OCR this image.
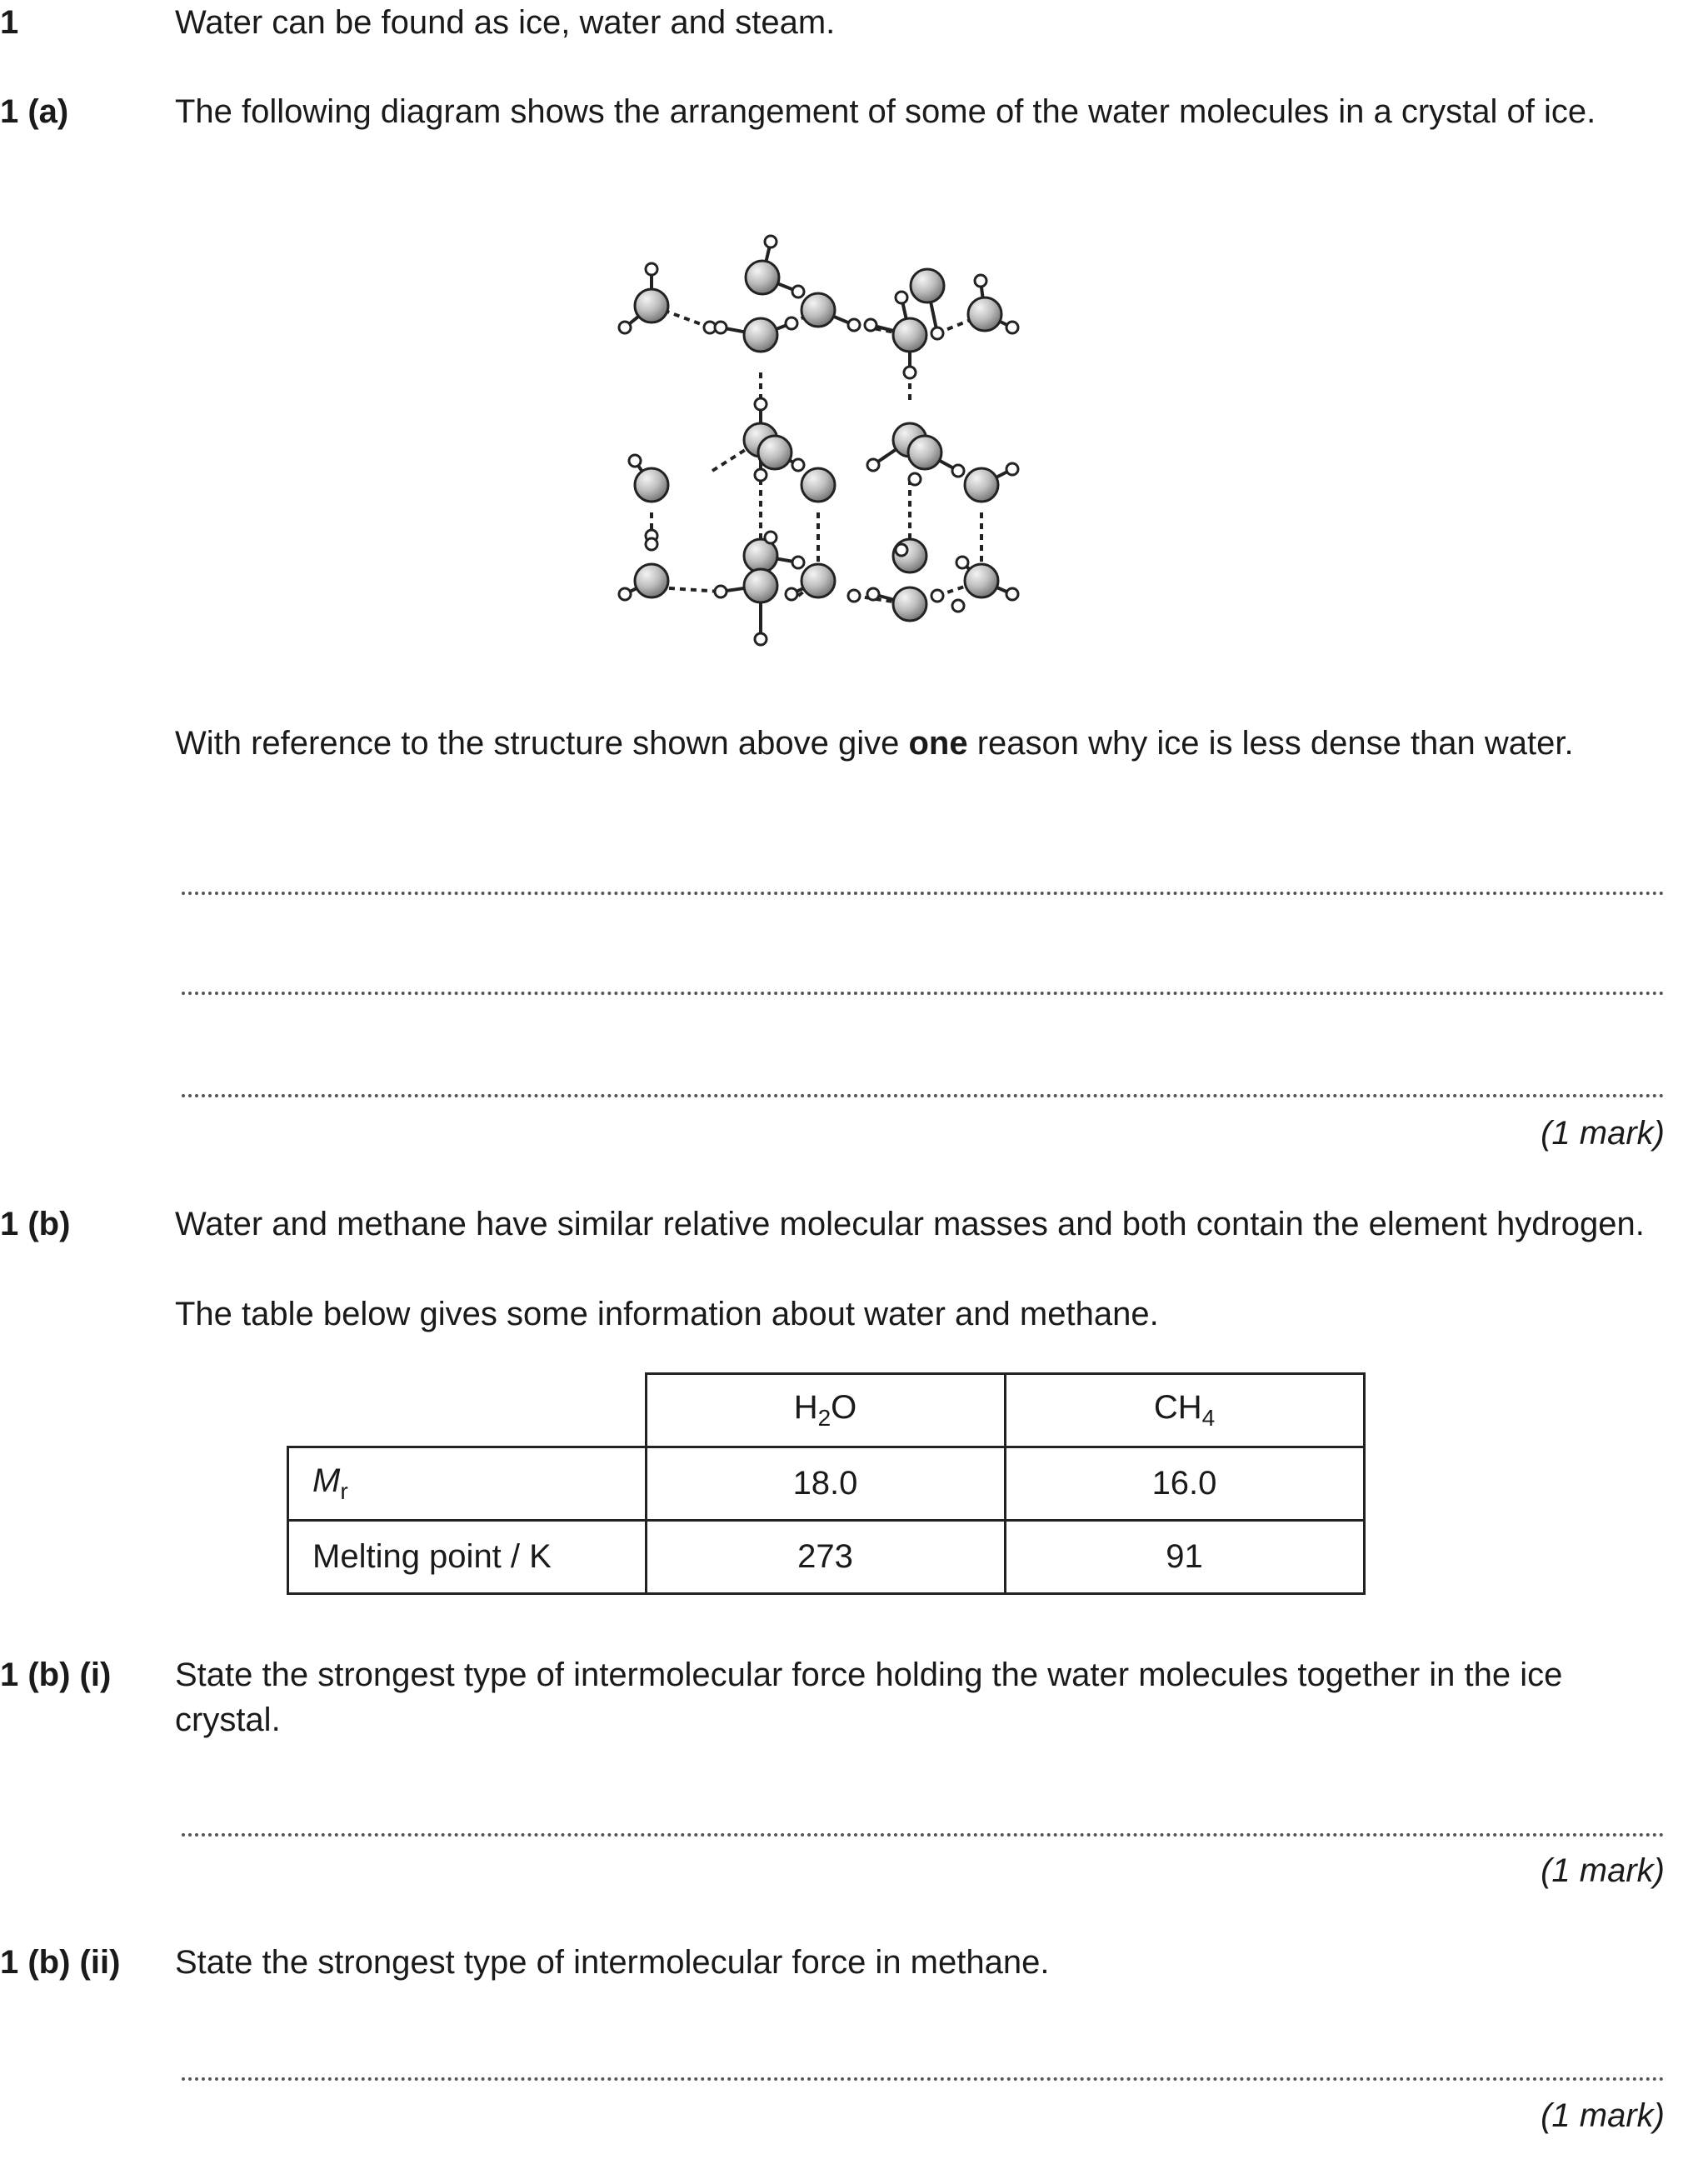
1	Water can be found as ice, water and steam.
1 (a)	The following diagram shows the arrangement of some of the water molecules in a crystal of ice.
With reference to the structure shown above give one reason why ice is less dense than water.
(1 mark)
1 (b)	Water and methane have similar relative molecular masses and both contain the element hydrogen.
The table below gives some information about water and methane.
	$H_2O$	$CH_4$
$M_r$	18.0	16.0
Melting point / K	273	91
1 (b) (i) State the strongest type of intermolecular force holding the water molecules together in the ice crystal.
(1 mark)
1 (b) (ii) State the strongest type of intermolecular force in methane.
(1 mark)
